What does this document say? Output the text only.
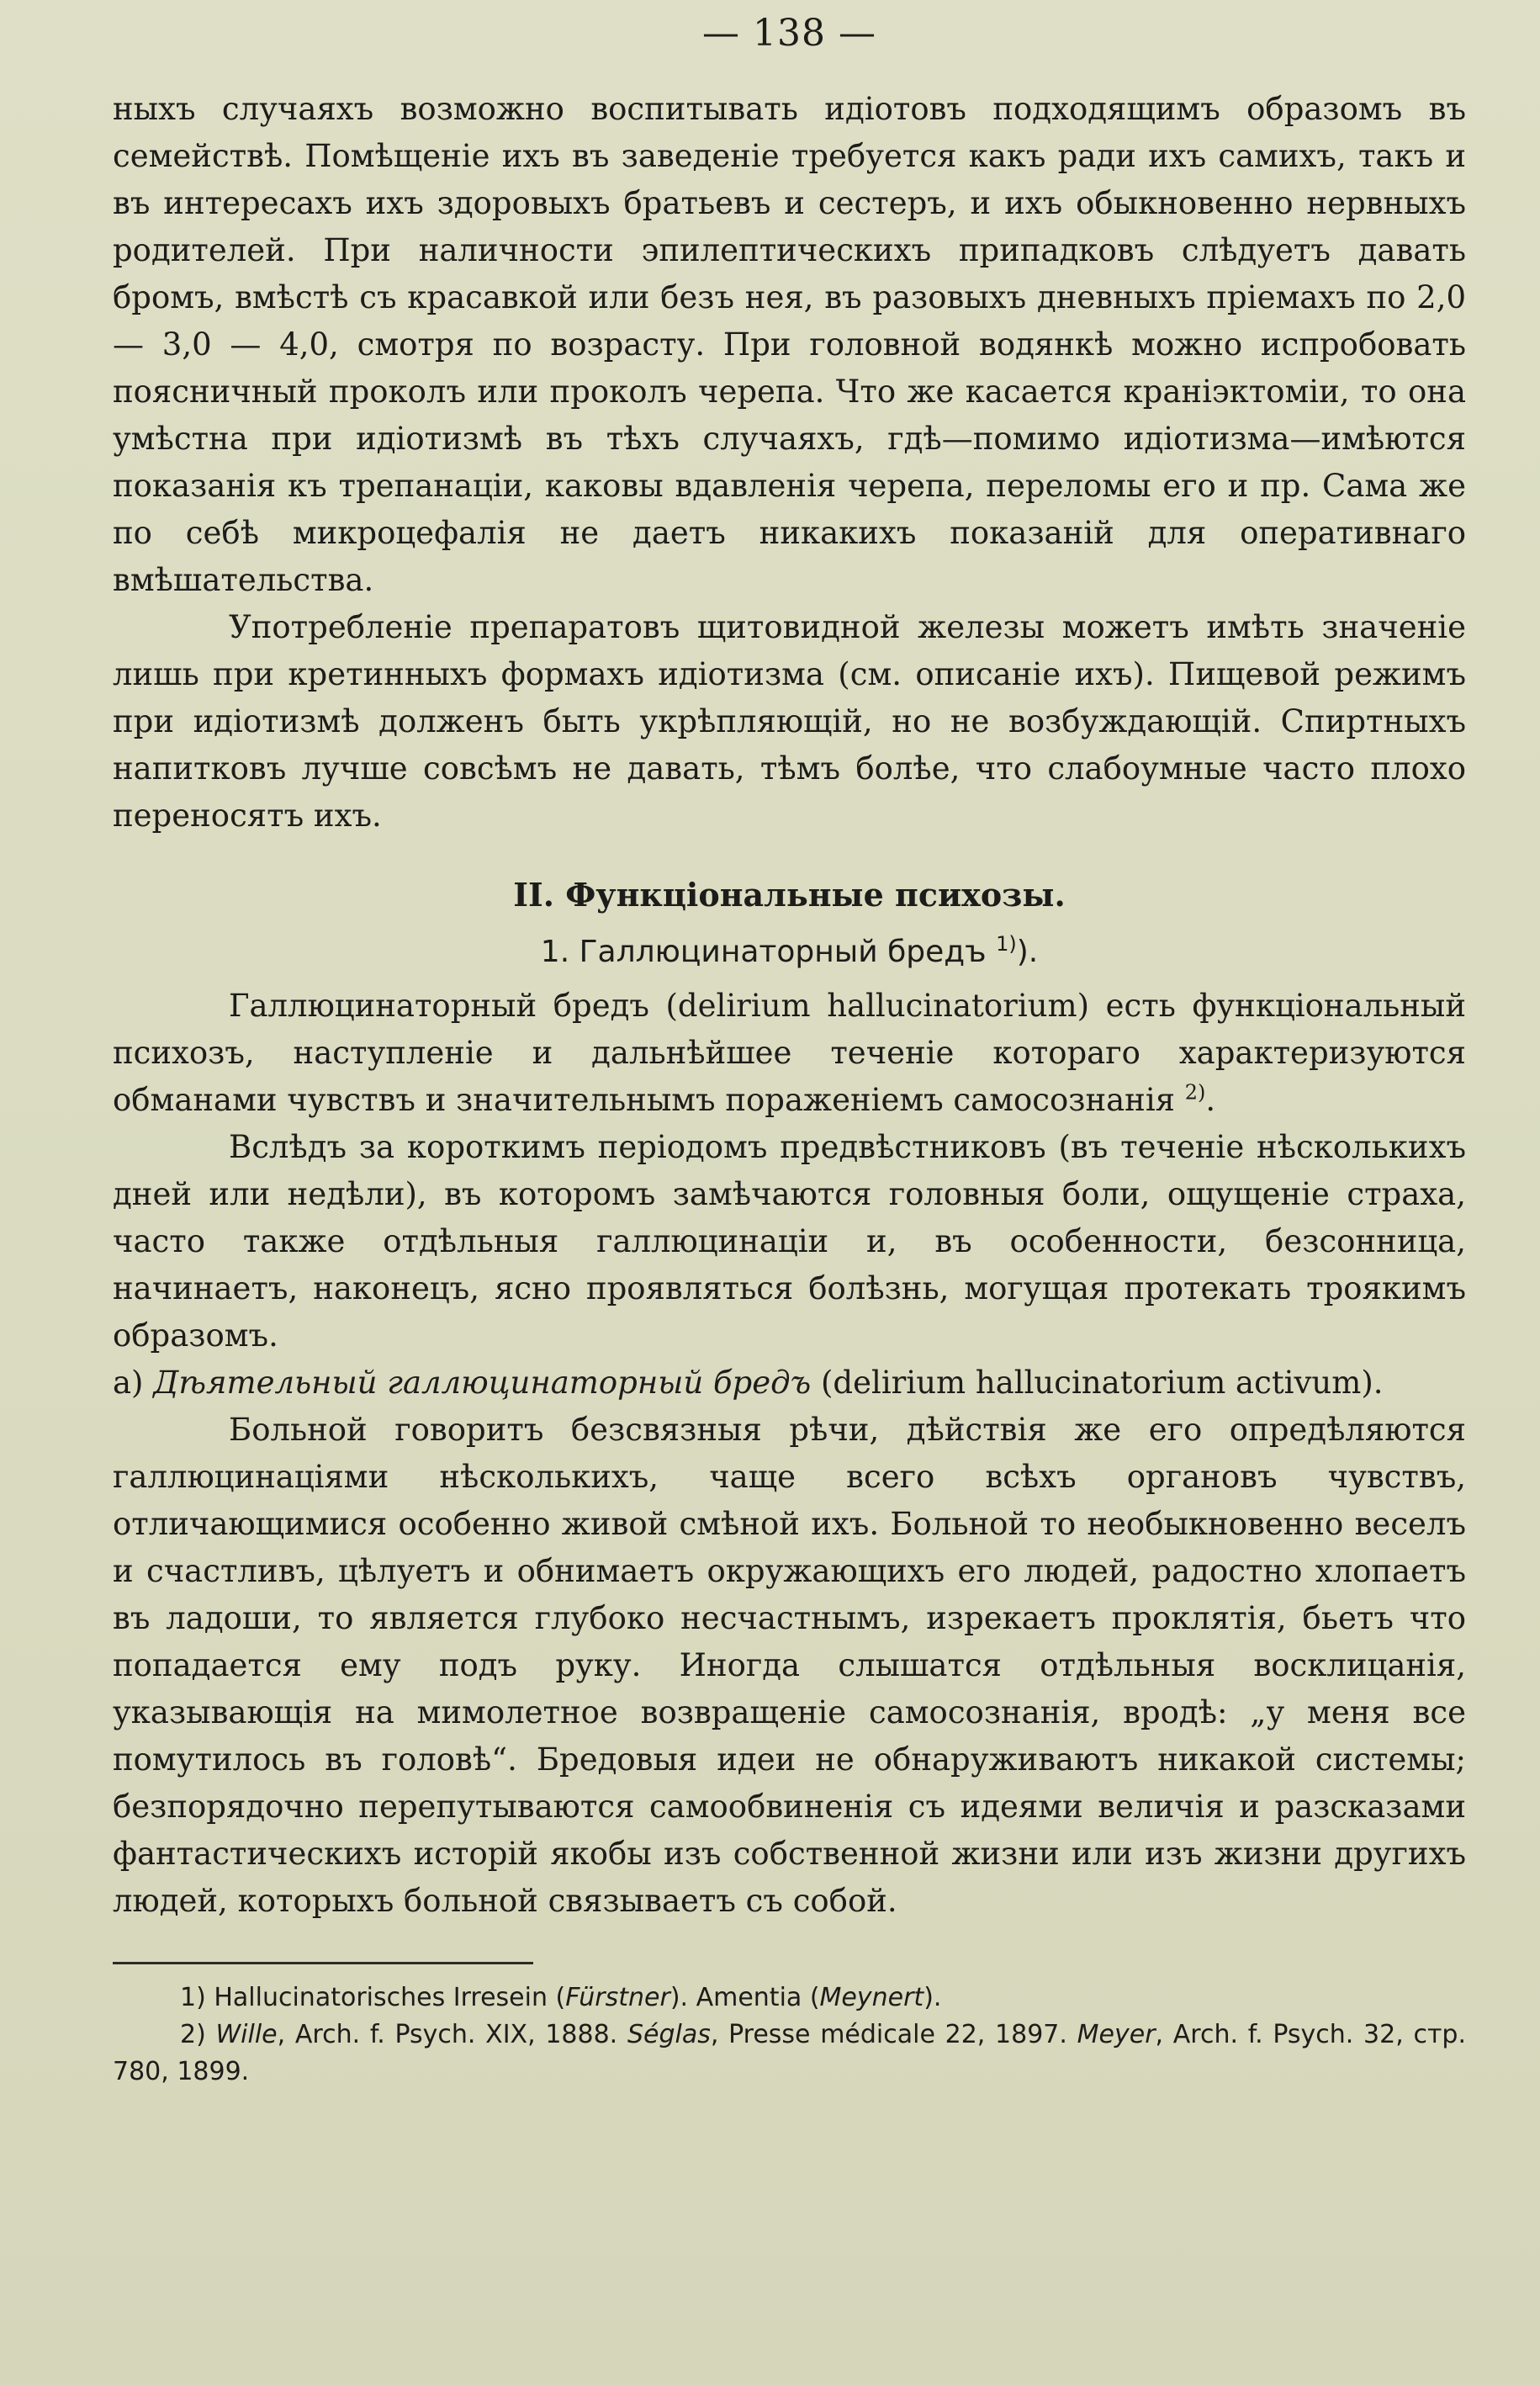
— 138 —

ныхъ случаяхъ возможно воспитывать идіотовъ подходящимъ образомъ въ семействѣ. Помѣщеніе ихъ въ заведеніе требуется какъ ради ихъ самихъ, такъ и въ интересахъ ихъ здоровыхъ братьевъ и сестеръ, и ихъ обыкновенно нервныхъ родителей. При наличности эпилептическихъ припадковъ слѣдуетъ давать бромъ, вмѣстѣ съ красавкой или безъ нея, въ разовыхъ дневныхъ пріемахъ по 2,0 — 3,0 — 4,0, смотря по возрасту. При головной водянкѣ можно испробовать поясничный проколъ или проколъ черепа. Что же касается краніэктоміи, то она умѣстна при идіотизмѣ въ тѣхъ случаяхъ, гдѣ—помимо идіотизма—имѣются показанія къ трепанаціи, каковы вдавленія черепа, переломы его и пр. Сама же по себѣ микроцефалія не даетъ никакихъ показаній для оперативнаго вмѣшательства.

Употребленіе препаратовъ щитовидной железы можетъ имѣть значеніе лишь при кретинныхъ формахъ идіотизма (см. описаніе ихъ). Пищевой режимъ при идіотизмѣ долженъ быть укрѣпляющій, но не возбуждающій. Спиртныхъ напитковъ лучше совсѣмъ не давать, тѣмъ болѣе, что слабоумные часто плохо переносятъ ихъ.

II. Функціональные психозы.
1. Галлюцинаторный бредъ $^{1)}$).

Галлюцинаторный бредъ (delirium hallucinatorium) есть функціональный психозъ, наступленіе и дальнѣйшее теченіе котораго характеризуются обманами чувствъ и значительнымъ пораженіемъ самосознанія $^{2)}$.

Вслѣдъ за короткимъ періодомъ предвѣстниковъ (въ теченіе нѣсколькихъ дней или недѣли), въ которомъ замѣчаются головныя боли, ощущеніе страха, часто также отдѣльныя галлюцинаціи и, въ особенности, безсонница, начинаетъ, наконецъ, ясно проявляться болѣзнь, могущая протекать троякимъ образомъ.

а) Дѣятельный галлюцинаторный бредъ (delirium hallucinatorium activum).

Больной говоритъ безсвязныя рѣчи, дѣйствія же его опредѣляются галлюцинаціями нѣсколькихъ, чаще всего всѣхъ органовъ чувствъ, отличающимися особенно живой смѣной ихъ. Больной то необыкновенно веселъ и счастливъ, цѣлуетъ и обнимаетъ окружающихъ его людей, радостно хлопаетъ въ ладоши, то является глубоко несчастнымъ, изрекаетъ проклятія, бьетъ что попадается ему подъ руку. Иногда слышатся отдѣльныя восклицанія, указывающія на мимолетное возвращеніе самосознанія, вродѣ: „у меня все помутилось въ головѣ“. Бредовыя идеи не обнаруживаютъ никакой системы; безпорядочно перепутываются самообвиненія съ идеями величія и разсказами фантастическихъ исторій якобы изъ собственной жизни или изъ жизни другихъ людей, которыхъ больной связываетъ съ собой.

1) Hallucinatorisches Irresein (Fürstner). Amentia (Meynert).

2) Wille, Arch. f. Psych. XIX, 1888. Séglas, Presse médicale 22, 1897. Meyer, Arch. f. Psych. 32, стр. 780, 1899.
